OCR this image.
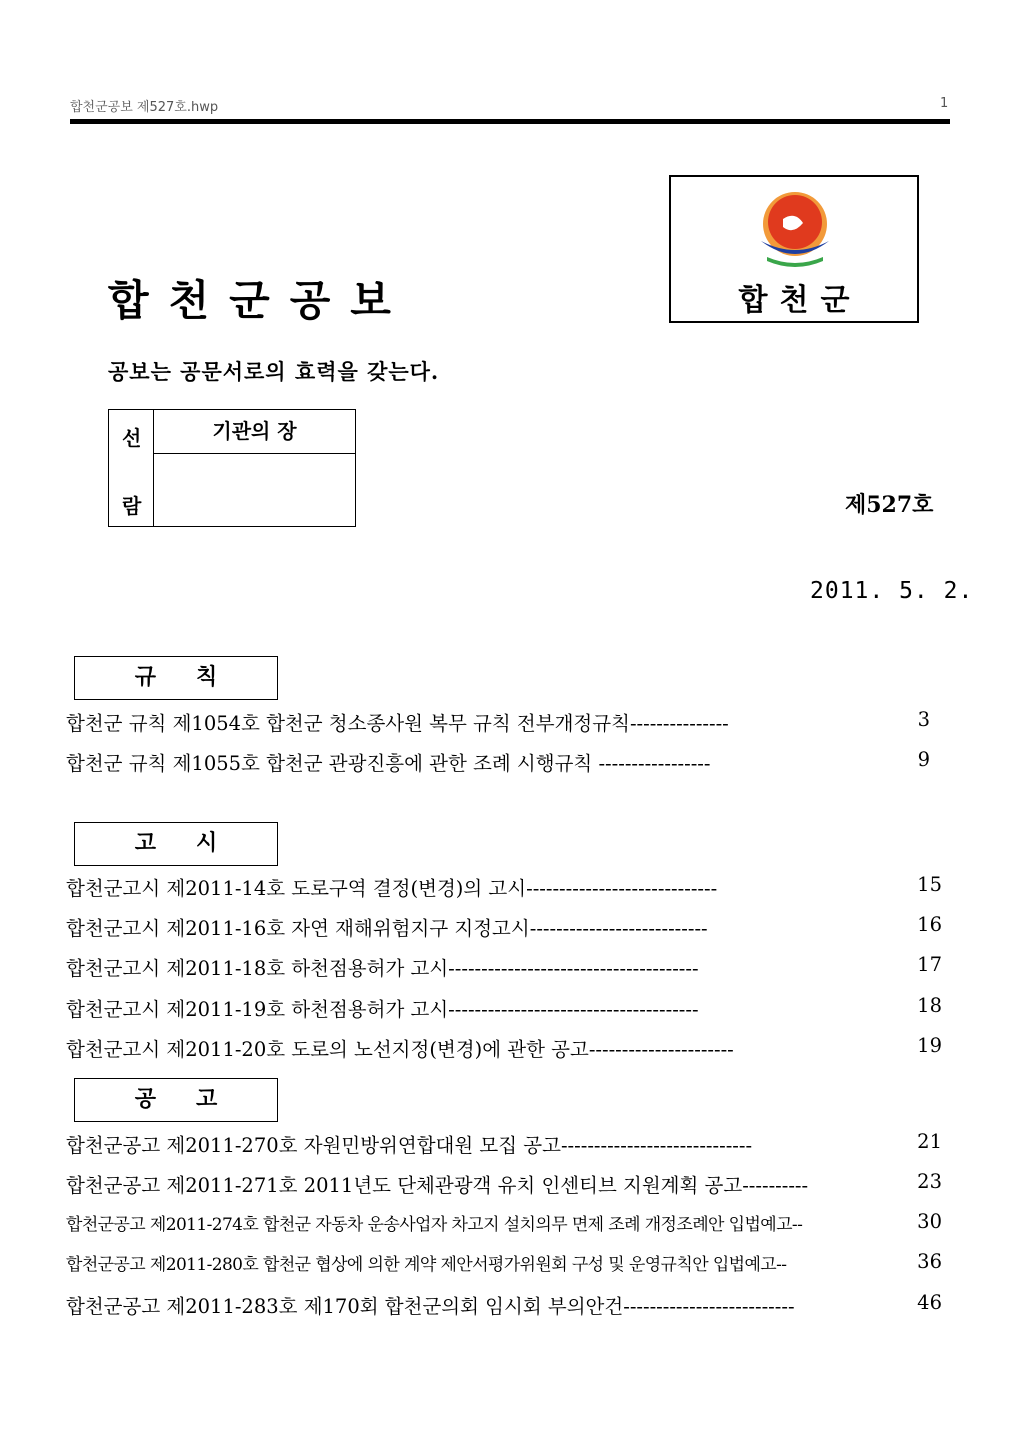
합천군공보 제527호.hwp	1
합천군
합천군공보
공보는 공문서로의 효력을 갖는다.
선
람
기관의 장
제527호
2011. 5. 2.
규칙
합천군 규칙 제1054호 합천군 청소종사원 복무 규칙 전부개정규칙---------------	3
합천군 규칙 제1055호 합천군 관광진흥에 관한 조례 시행규칙 -----------------	9
고시
합천군고시 제2011-14호 도로구역 결정(변경)의 고시-----------------------------	15
합천군고시 제2011-16호 자연 재해위험지구 지정고시---------------------------	16
합천군고시 제2011-18호 하천점용허가 고시--------------------------------------	17
합천군고시 제2011-19호 하천점용허가 고시--------------------------------------	18
합천군고시 제2011-20호 도로의 노선지정(변경)에 관한 공고----------------------	19
공고
합천군공고 제2011-270호 자원민방위연합대원 모집 공고-----------------------------	21
합천군공고 제2011-271호 2011년도 단체관광객 유치 인센티브 지원계획 공고----------	23
합천군공고 제2011-274호 합천군 자동차 운송사업자 차고지 설치의무 면제 조례 개정조례안 입법예고--	30
합천군공고 제2011-280호 합천군 협상에 의한 계약 제안서평가위원회 구성 및 운영규칙안 입법예고--	36
합천군공고 제2011-283호 제170회 합천군의회 임시회 부의안건--------------------------	46
